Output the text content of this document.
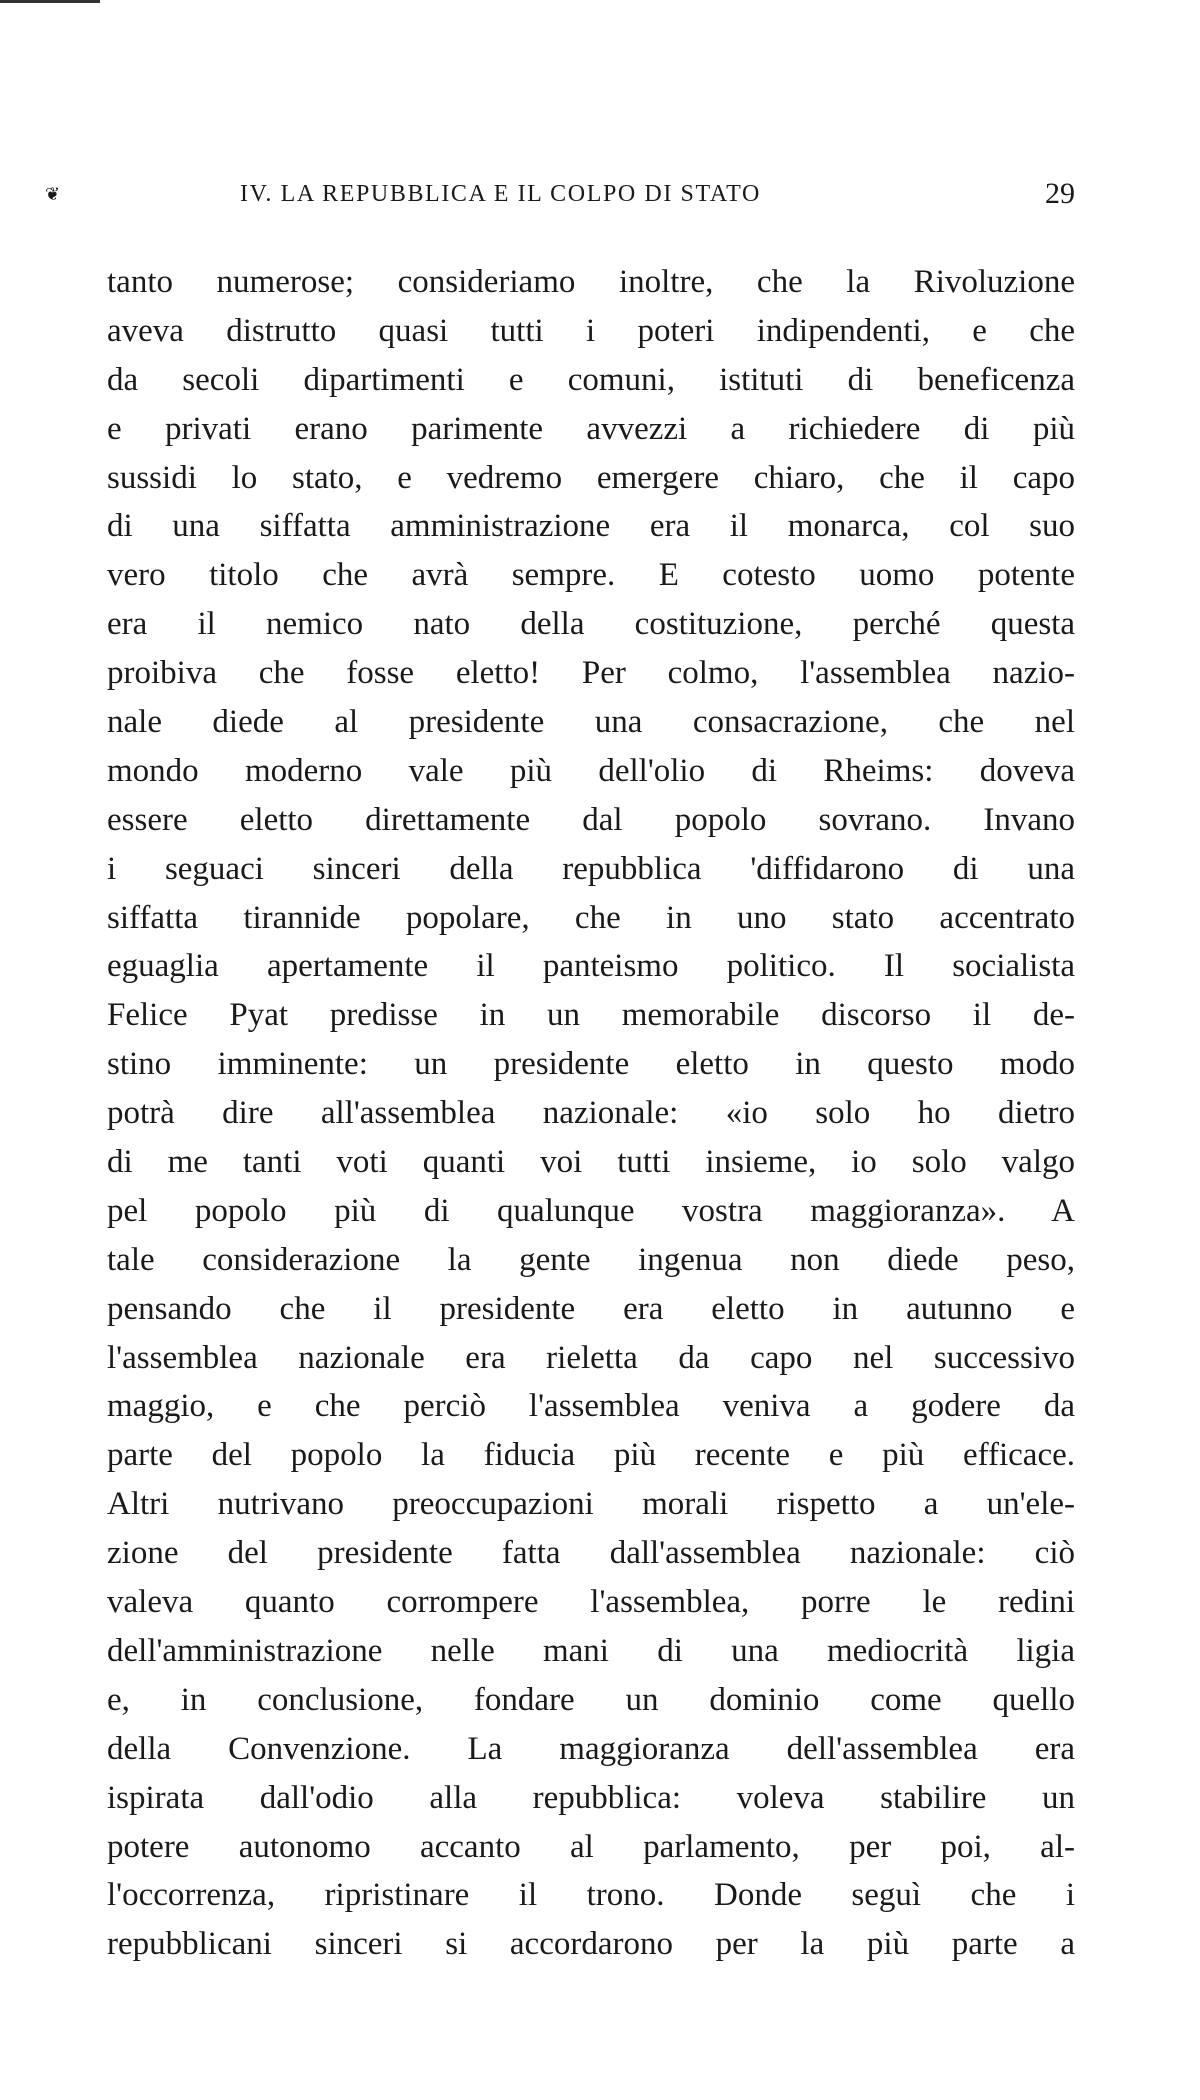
❦	IV. LA REPUBBLICA E IL COLPO DI STATO	29
tanto numerose; consideriamo inoltre, che la Rivoluzione
aveva distrutto quasi tutti i poteri indipendenti, e che
da secoli dipartimenti e comuni, istituti di beneficenza
e privati erano parimente avvezzi a richiedere di più
sussidi lo stato, e vedremo emergere chiaro, che il capo
di una siffatta amministrazione era il monarca, col suo
vero titolo che avrà sempre. E cotesto uomo potente
era il nemico nato della costituzione, perché questa
proibiva che fosse eletto! Per colmo, l'assemblea nazio-
nale diede al presidente una consacrazione, che nel
mondo moderno vale più dell'olio di Rheims: doveva
essere eletto direttamente dal popolo sovrano. Invano
i seguaci sinceri della repubblica 'diffidarono di una
siffatta tirannide popolare, che in uno stato accentrato
eguaglia apertamente il panteismo politico. Il socialista
Felice Pyat predisse in un memorabile discorso il de-
stino imminente: un presidente eletto in questo modo
potrà dire all'assemblea nazionale: «io solo ho dietro
di me tanti voti quanti voi tutti insieme, io solo valgo
pel popolo più di qualunque vostra maggioranza». A
tale considerazione la gente ingenua non diede peso,
pensando che il presidente era eletto in autunno e
l'assemblea nazionale era rieletta da capo nel successivo
maggio, e che perciò l'assemblea veniva a godere da
parte del popolo la fiducia più recente e più efficace.
Altri nutrivano preoccupazioni morali rispetto a un'ele-
zione del presidente fatta dall'assemblea nazionale: ciò
valeva quanto corrompere l'assemblea, porre le redini
dell'amministrazione nelle mani di una mediocrità ligia
e, in conclusione, fondare un dominio come quello
della Convenzione. La maggioranza dell'assemblea era
ispirata dall'odio alla repubblica: voleva stabilire un
potere autonomo accanto al parlamento, per poi, al-
l'occorrenza, ripristinare il trono. Donde seguì che i
repubblicani sinceri si accordarono per la più parte a
